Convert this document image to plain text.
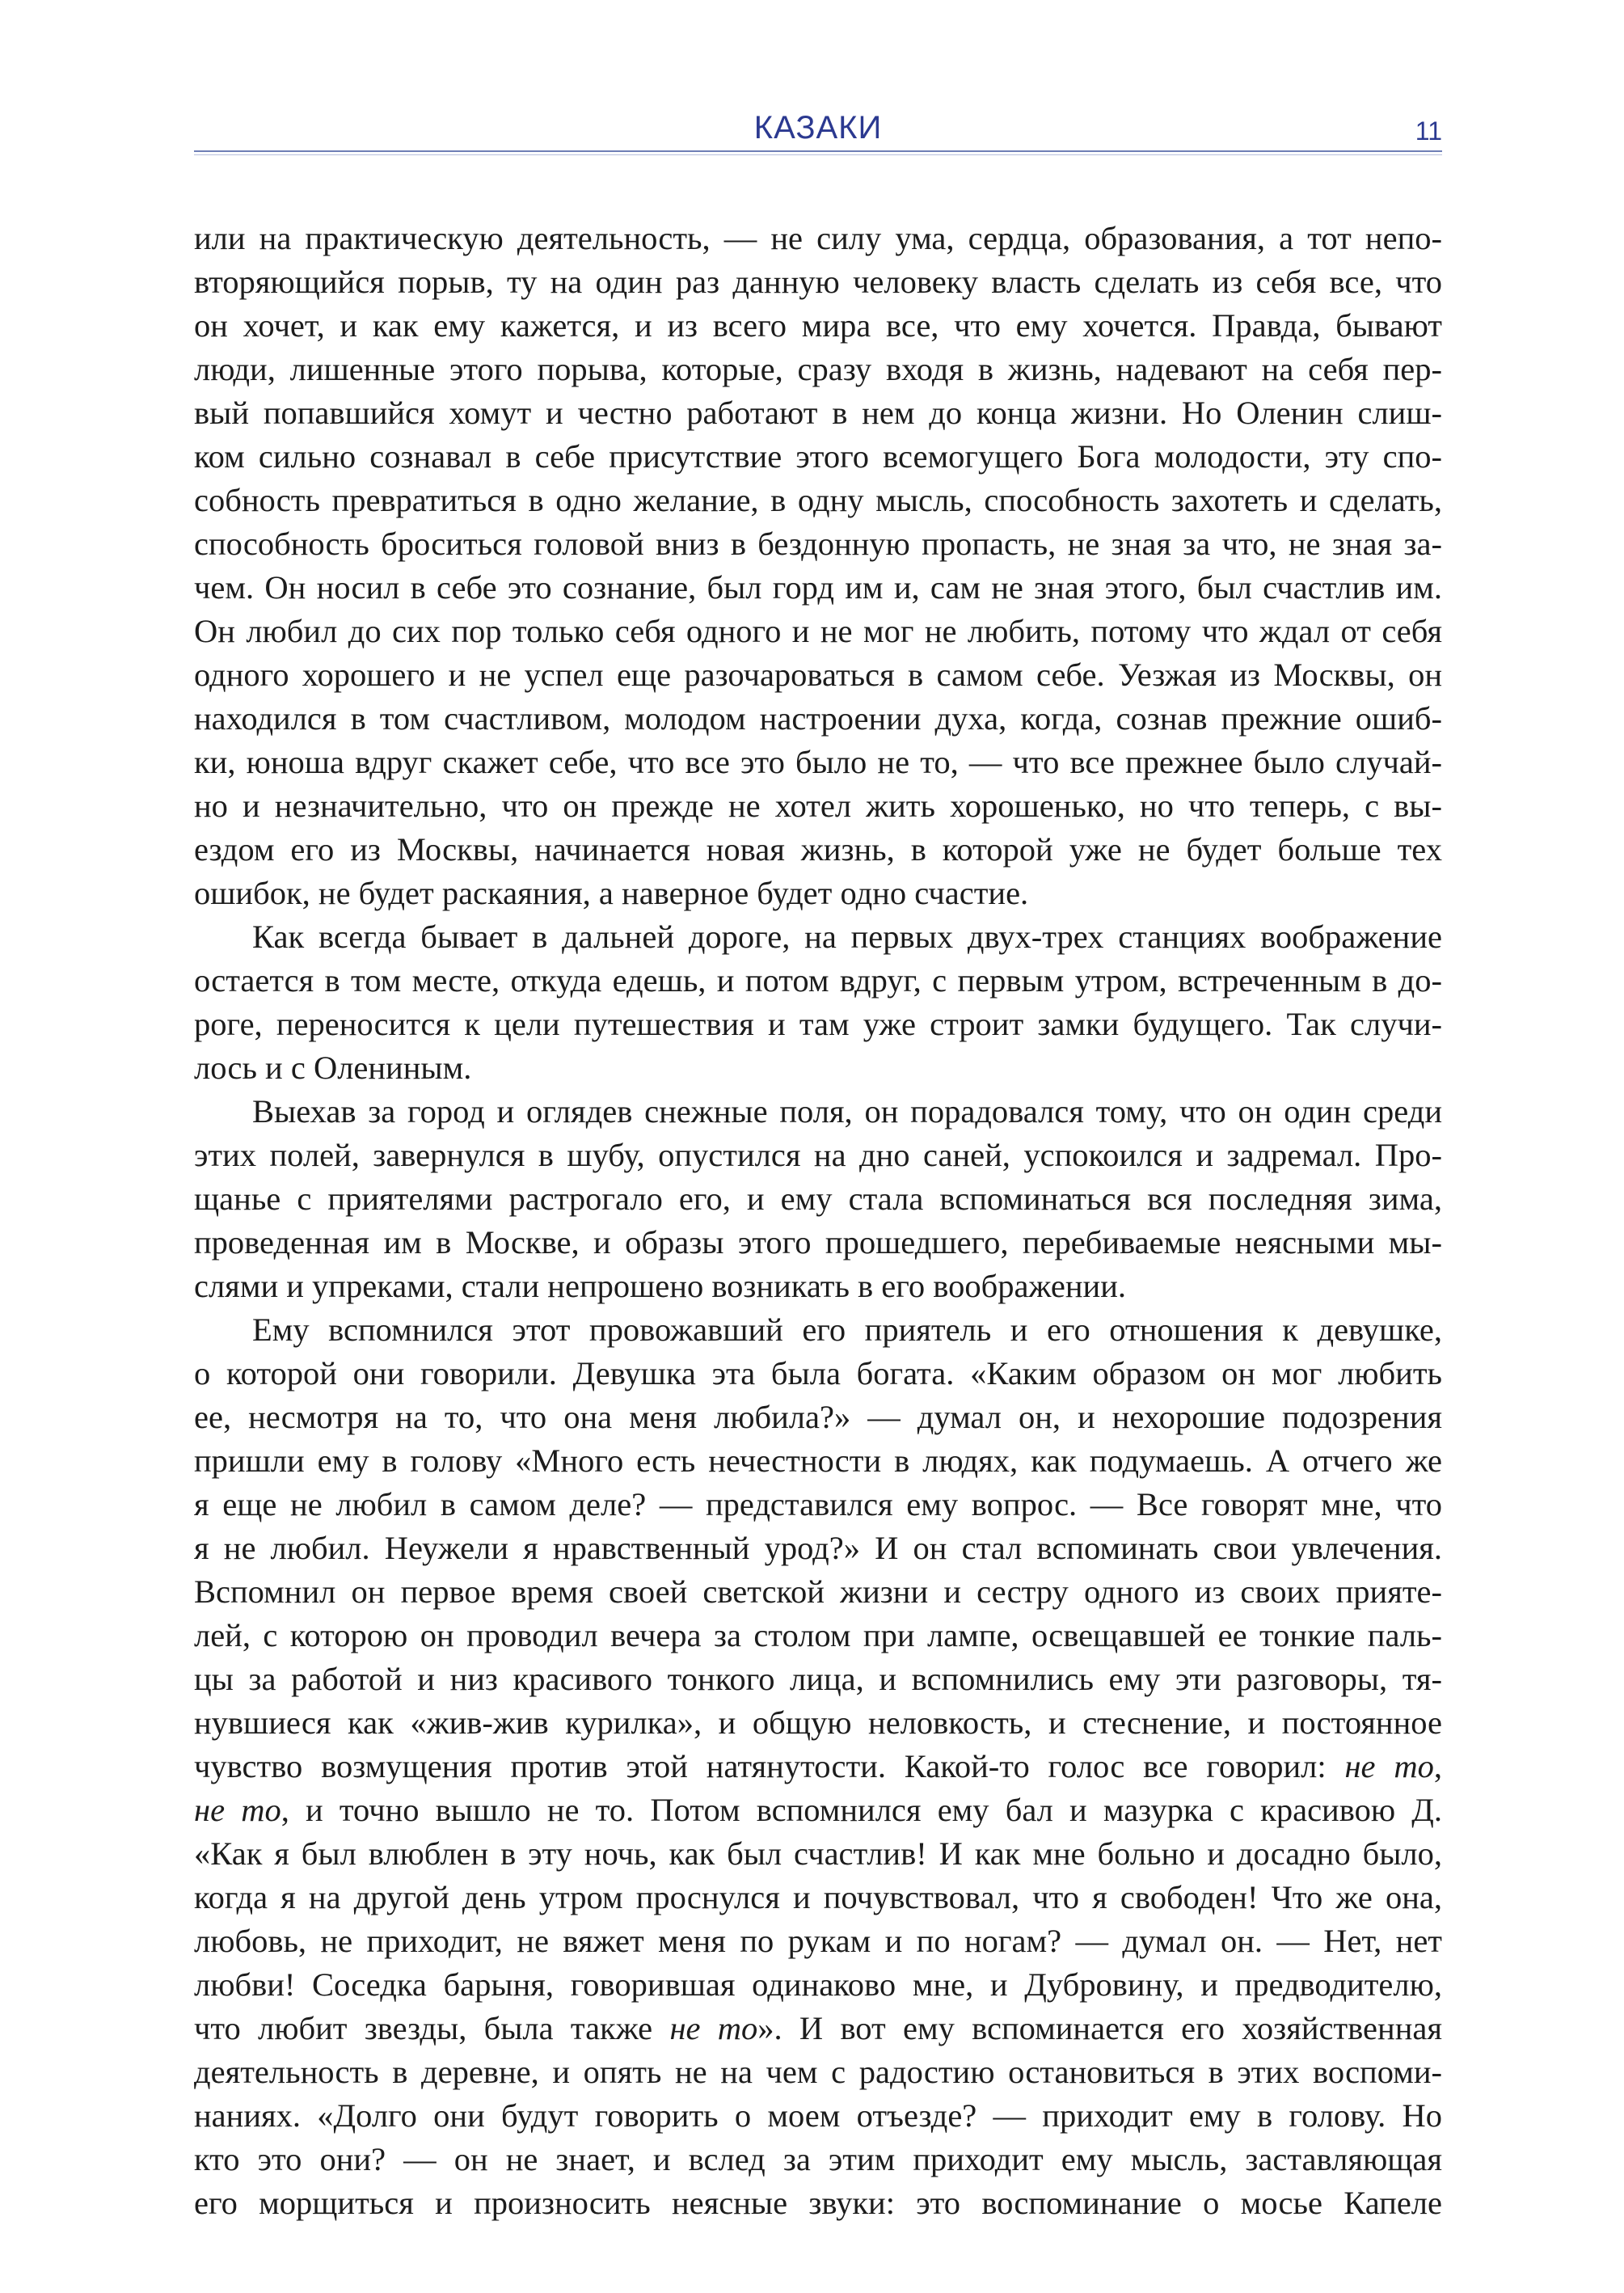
КАЗАКИ	11
или на практическую деятельность, — не силу ума, сердца, образования, а тот непо-
вторяющийся порыв, ту на один раз данную человеку власть сделать из себя все, что
он хочет, и как ему кажется, и из всего мира все, что ему хочется. Правда, бывают
люди, лишенные этого порыва, которые, сразу входя в жизнь, надевают на себя пер-
вый попавшийся хомут и честно работают в нем до конца жизни. Но Оленин слиш-
ком сильно сознавал в себе присутствие этого всемогущего Бога молодости, эту спо-
собность превратиться в одно желание, в одну мысль, способность захотеть и сделать,
способность броситься головой вниз в бездонную пропасть, не зная за что, не зная за-
чем. Он носил в себе это сознание, был горд им и, сам не зная этого, был счастлив им.
Он любил до сих пор только себя одного и не мог не любить, потому что ждал от себя
одного хорошего и не успел еще разочароваться в самом себе. Уезжая из Москвы, он
находился в том счастливом, молодом настроении духа, когда, сознав прежние ошиб-
ки, юноша вдруг скажет себе, что все это было не то, — что все прежнее было случай-
но и незначительно, что он прежде не хотел жить хорошенько, но что теперь, с вы-
ездом его из Москвы, начинается новая жизнь, в которой уже не будет больше тех
ошибок, не будет раскаяния, а наверное будет одно счастие.
Как всегда бывает в дальней дороге, на первых двух-трех станциях воображение
остается в том месте, откуда едешь, и потом вдруг, с первым утром, встреченным в до-
роге, переносится к цели путешествия и там уже строит замки будущего. Так случи-
лось и с Олениным.
Выехав за город и оглядев снежные поля, он порадовался тому, что он один среди
этих полей, завернулся в шубу, опустился на дно саней, успокоился и задремал. Про-
щанье с приятелями растрогало его, и ему стала вспоминаться вся последняя зима,
проведенная им в Москве, и образы этого прошедшего, перебиваемые неясными мы-
слями и упреками, стали непрошено возникать в его воображении.
Ему вспомнился этот провожавший его приятель и его отношения к девушке,
о которой они говорили. Девушка эта была богата. «Каким образом он мог любить
ее, несмотря на то, что она меня любила?» — думал он, и нехорошие подозрения
пришли ему в голову «Много есть нечестности в людях, как подумаешь. А отчего же
я еще не любил в самом деле? — представился ему вопрос. — Все говорят мне, что
я не любил. Неужели я нравственный урод?» И он стал вспоминать свои увлечения.
Вспомнил он первое время своей светской жизни и сестру одного из своих прияте-
лей, с которою он проводил вечера за столом при лампе, освещавшей ее тонкие паль-
цы за работой и низ красивого тонкого лица, и вспомнились ему эти разговоры, тя-
нувшиеся как «жив-жив курилка», и общую неловкость, и стеснение, и постоянное
чувство возмущения против этой натянутости. Какой-то голос все говорил: не то,
не то, и точно вышло не то. Потом вспомнился ему бал и мазурка с красивою Д.
«Как я был влюблен в эту ночь, как был счастлив! И как мне больно и досадно было,
когда я на другой день утром проснулся и почувствовал, что я свободен! Что же она,
любовь, не приходит, не вяжет меня по рукам и по ногам? — думал он. — Нет, нет
любви! Соседка барыня, говорившая одинаково мне, и Дубровину, и предводителю,
что любит звезды, была также не то». И вот ему вспоминается его хозяйственная
деятельность в деревне, и опять не на чем с радостию остановиться в этих воспоми-
наниях. «Долго они будут говорить о моем отъезде? — приходит ему в голову. Но
кто это они? — он не знает, и вслед за этим приходит ему мысль, заставляющая
его морщиться и произносить неясные звуки: это воспоминание о мосье Капеле
